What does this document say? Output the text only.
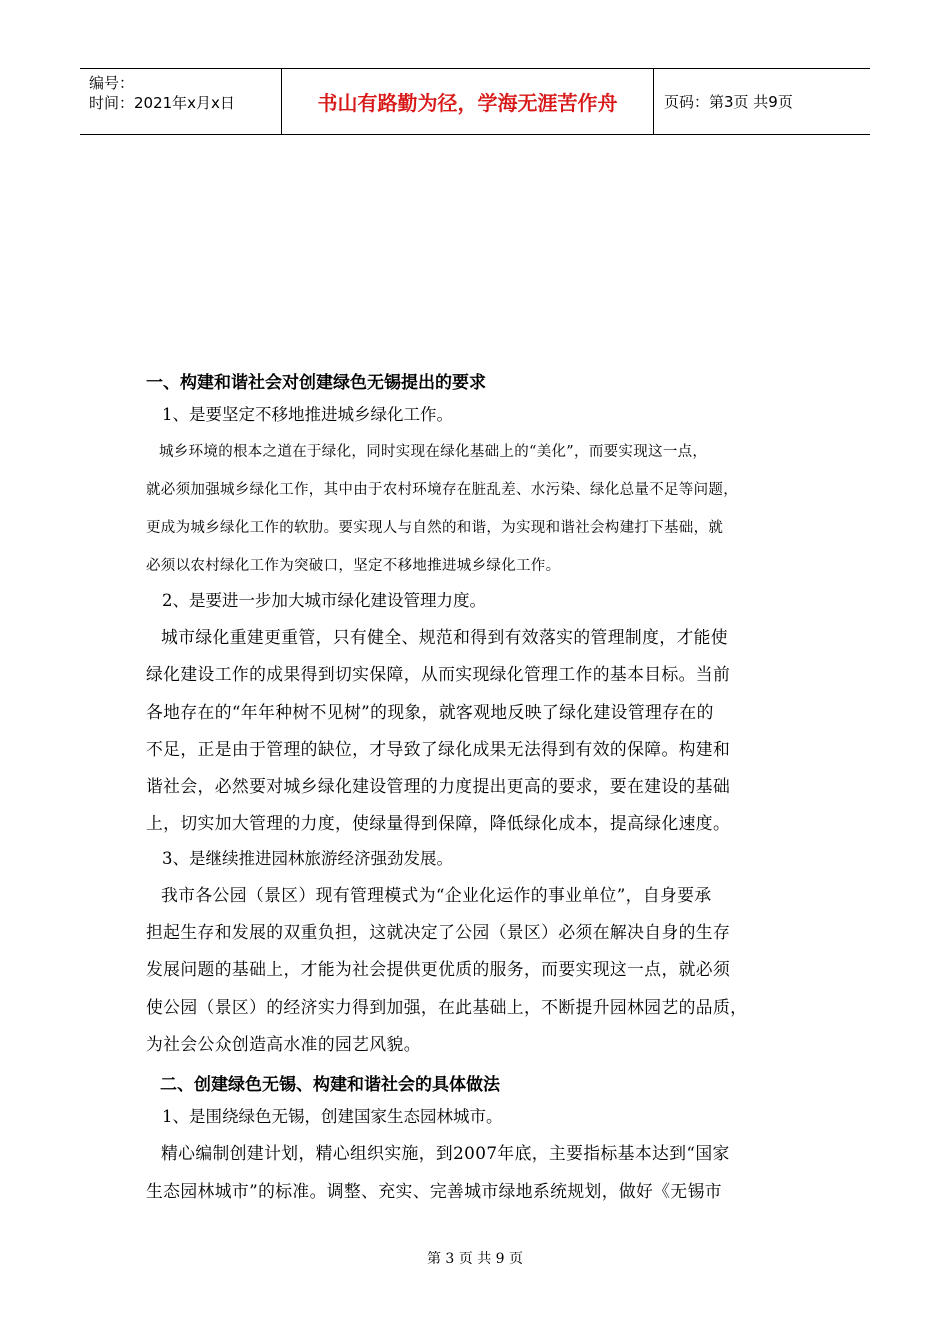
编号：
时间：2021年x月x日	书山有路勤为径，学海无涯苦作舟	页码：第3页 共9页
一、构建和谐社会对创建绿色无锡提出的要求
1、是要坚定不移地推进城乡绿化工作。

城乡环境的根本之道在于绿化，同时实现在绿化基础上的“美化”，而要实现这一点，
就必须加强城乡绿化工作，其中由于农村环境存在脏乱差、水污染、绿化总量不足等问题，
更成为城乡绿化工作的软肋。要实现人与自然的和谐，为实现和谐社会构建打下基础，就
必须以农村绿化工作为突破口，坚定不移地推进城乡绿化工作。

2、是要进一步加大城市绿化建设管理力度。

城市绿化重建更重管，只有健全、规范和得到有效落实的管理制度，才能使
绿化建设工作的成果得到切实保障，从而实现绿化管理工作的基本目标。当前
各地存在的“年年种树不见树”的现象，就客观地反映了绿化建设管理存在的
不足，正是由于管理的缺位，才导致了绿化成果无法得到有效的保障。构建和
谐社会，必然要对城乡绿化建设管理的力度提出更高的要求，要在建设的基础
上，切实加大管理的力度，使绿量得到保障，降低绿化成本，提高绿化速度。

3、是继续推进园林旅游经济强劲发展。

我市各公园（景区）现有管理模式为“企业化运作的事业单位”，自身要承
担起生存和发展的双重负担，这就决定了公园（景区）必须在解决自身的生存
发展问题的基础上，才能为社会提供更优质的服务，而要实现这一点，就必须
使公园（景区）的经济实力得到加强，在此基础上，不断提升园林园艺的品质，
为社会公众创造高水准的园艺风貌。

二、创建绿色无锡、构建和谐社会的具体做法
1、是围绕绿色无锡，创建国家生态园林城市。

精心编制创建计划，精心组织实施，到2007年底，主要指标基本达到“国家
生态园林城市”的标准。调整、充实、完善城市绿地系统规划，做好《无锡市

第 3 页 共 9 页
